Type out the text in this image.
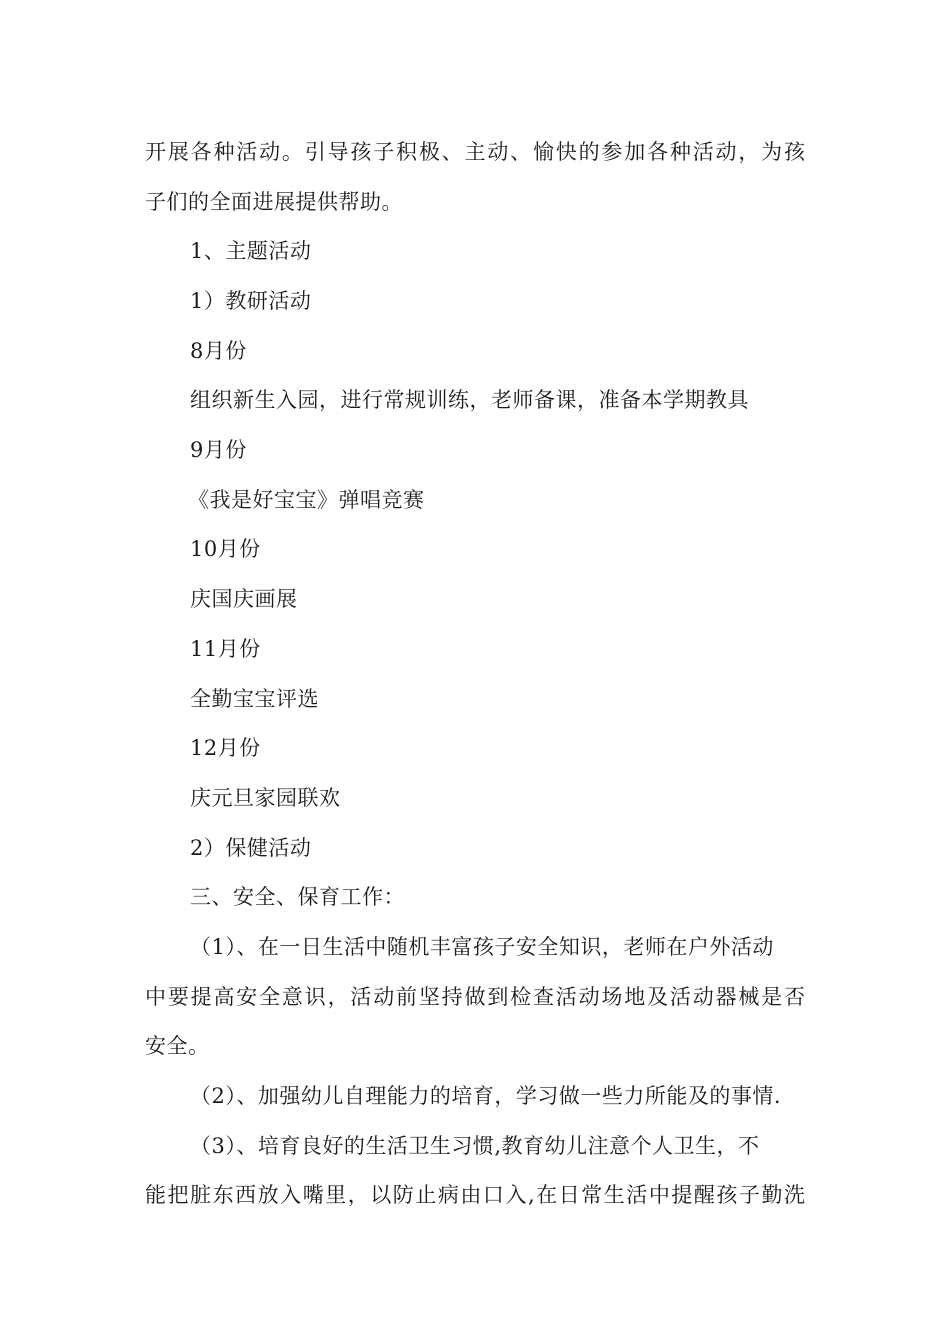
开展各种活动。引导孩子积极、主动、愉快的参加各种活动，为孩
子们的全面进展提供帮助。
1、主题活动
1）教研活动
8月份
组织新生入园，进行常规训练，老师备课，准备本学期教具
9月份
《我是好宝宝》弹唱竞赛
10月份
庆国庆画展
11月份
全勤宝宝评选
12月份
庆元旦家园联欢
2）保健活动
三、安全、保育工作：
（1）、在一日生活中随机丰富孩子安全知识，老师在户外活动
中要提高安全意识，活动前坚持做到检查活动场地及活动器械是否
安全。
（2）、加强幼儿自理能力的培育，学习做一些力所能及的事情.
（3）、培育良好的生活卫生习惯,教育幼儿注意个人卫生，不
能把脏东西放入嘴里，以防止病由口入,在日常生活中提醒孩子勤洗
